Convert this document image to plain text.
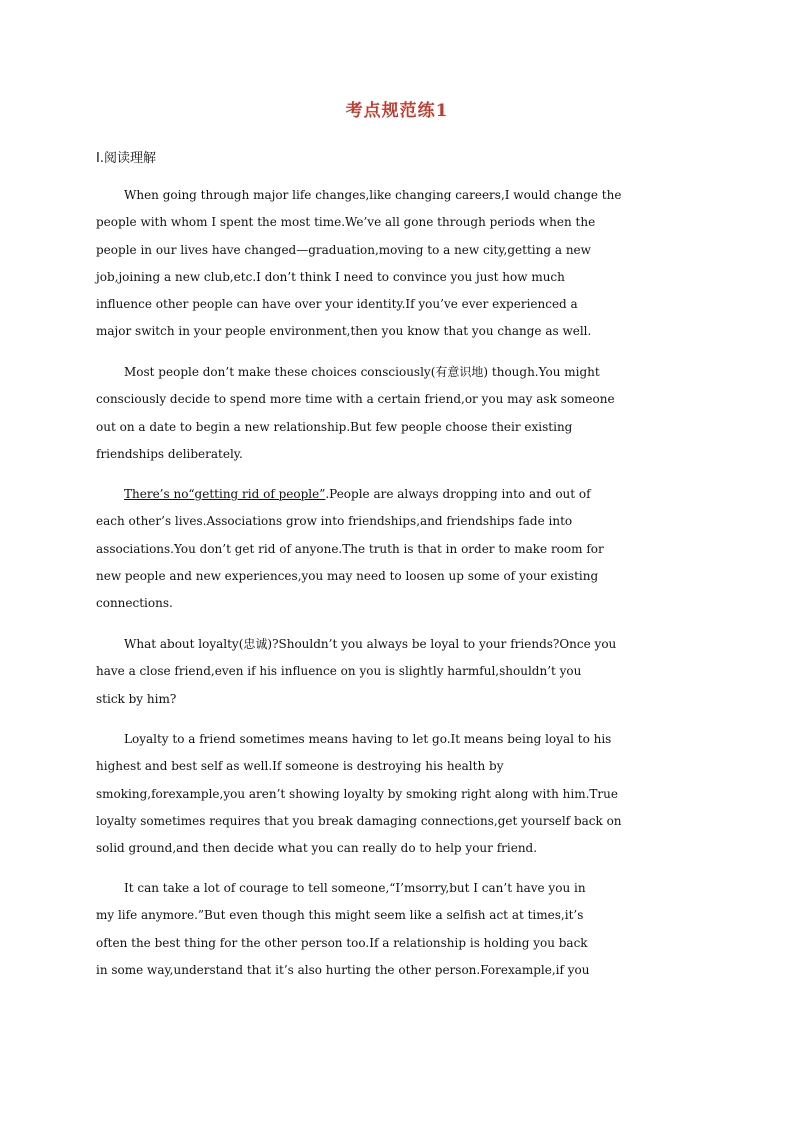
考点规范练1
Ⅰ.阅读理解
When going through major life changes,like changing careers,I would change the
people with whom I spent the most time.We’ve all gone through periods when the
people in our lives have changed—graduation,moving to a new city,getting a new
job,joining a new club,etc.I don’t think I need to convince you just how much
influence other people can have over your identity.If you’ve ever experienced a
major switch in your people environment,then you know that you change as well.
Most people don’t make these choices consciously(有意识地) though.You might
consciously decide to spend more time with a certain friend,or you may ask someone
out on a date to begin a new relationship.But few people choose their existing
friendships deliberately.
There’s no“getting rid of people”.People are always dropping into and out of
each other’s lives.Associations grow into friendships,and friendships fade into
associations.You don’t get rid of anyone.The truth is that in order to make room for
new people and new experiences,you may need to loosen up some of your existing
connections.
What about loyalty(忠诚)?Shouldn’t you always be loyal to your friends?Once you
have a close friend,even if his influence on you is slightly harmful,shouldn’t you
stick by him?
Loyalty to a friend sometimes means having to let go.It means being loyal to his
highest and best self as well.If someone is destroying his health by
smoking,forexample,you aren’t showing loyalty by smoking right along with him.True
loyalty sometimes requires that you break damaging connections,get yourself back on
solid ground,and then decide what you can really do to help your friend.
It can take a lot of courage to tell someone,“I’msorry,but I can’t have you in
my life anymore.”But even though this might seem like a selfish act at times,it’s
often the best thing for the other person too.If a relationship is holding you back
in some way,understand that it’s also hurting the other person.Forexample,if you
